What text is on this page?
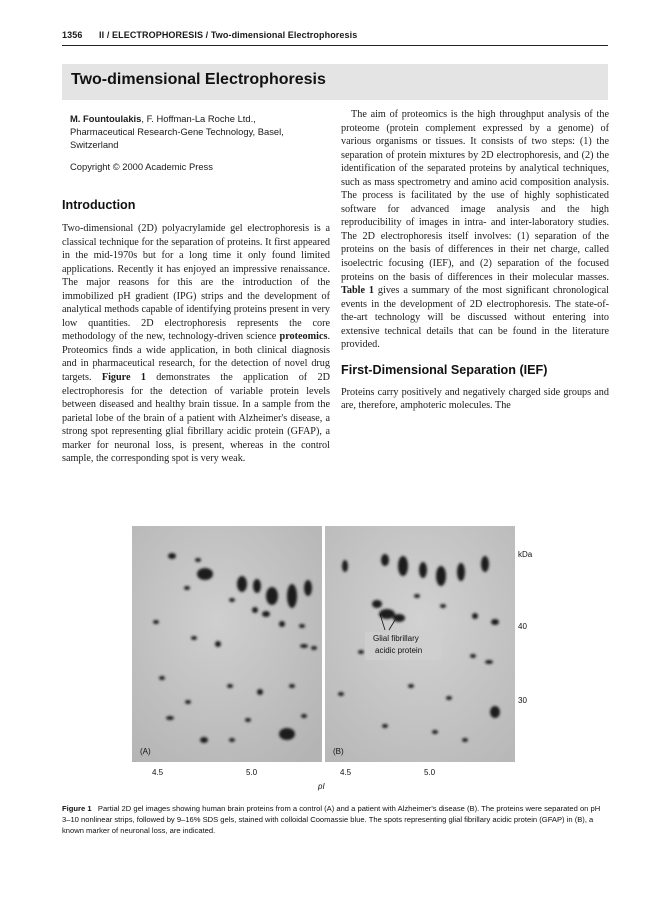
1356 II / ELECTROPHORESIS / Two-dimensional Electrophoresis
Two-dimensional Electrophoresis
M. Fountoulakis, F. Hoffman-La Roche Ltd.,
Pharmaceutical Research-Gene Technology, Basel,
Switzerland
Copyright © 2000 Academic Press
Introduction

Two-dimensional (2D) polyacrylamide gel electrophoresis is a classical technique for the separation of proteins. It first appeared in the mid-1970s but for a long time it only found limited applications. Recently it has enjoyed an impressive renaissance. The major reasons for this are the introduction of the immobilized pH gradient (IPG) strips and the development of analytical methods capable of identifying proteins present in very low quantities. 2D electrophoresis represents the core methodology of the new, technology-driven science proteomics. Proteomics finds a wide application, in both clinical diagnosis and in pharmaceutical research, for the detection of novel drug targets. Figure 1 demonstrates the application of 2D electrophoresis for the detection of variable protein levels between diseased and healthy brain tissue. In a sample from the parietal lobe of the brain of a patient with Alzheimer's disease, a strong spot representing glial fibrillary acidic protein (GFAP), a marker for neuronal loss, is present, whereas in the control sample, the corresponding spot is very weak.

The aim of proteomics is the high throughput analysis of the proteome (protein complement expressed by a genome) of various organisms or tissues. It consists of two steps: (1) the separation of protein mixtures by 2D electrophoresis, and (2) the identification of the separated proteins by analytical techniques, such as mass spectrometry and amino acid composition analysis. The process is facilitated by the use of highly sophisticated software for advanced image analysis and the high reproducibility of images in intra- and inter-laboratory studies. The 2D electrophoresis itself involves: (1) separation of the proteins on the basis of differences in their net charge, called isoelectric focusing (IEF), and (2) separation of the focused proteins on the basis of differences in their molecular masses. Table 1 gives a summary of the most significant chronological events in the development of 2D electrophoresis. The state-of-the-art technology will be discussed without entering into extensive technical details that can be found in the literature provided.

First-Dimensional Separation (IEF)

Proteins carry positively and negatively charged side groups and are, therefore, amphoteric molecules. The

(A)
Glial fibrillary
acidic protein
(B)
kDa
40
30
4.5	5.0	4.5	5.0
pI
Figure 1 Partial 2D gel images showing human brain proteins from a control (A) and a patient with Alzheimer's disease (B). The proteins were separated on pH 3–10 nonlinear strips, followed by 9–16% SDS gels, stained with colloidal Coomassie blue. The spots representing glial fibrillary acidic protein (GFAP) in (B), a known marker of neuronal loss, are indicated.
